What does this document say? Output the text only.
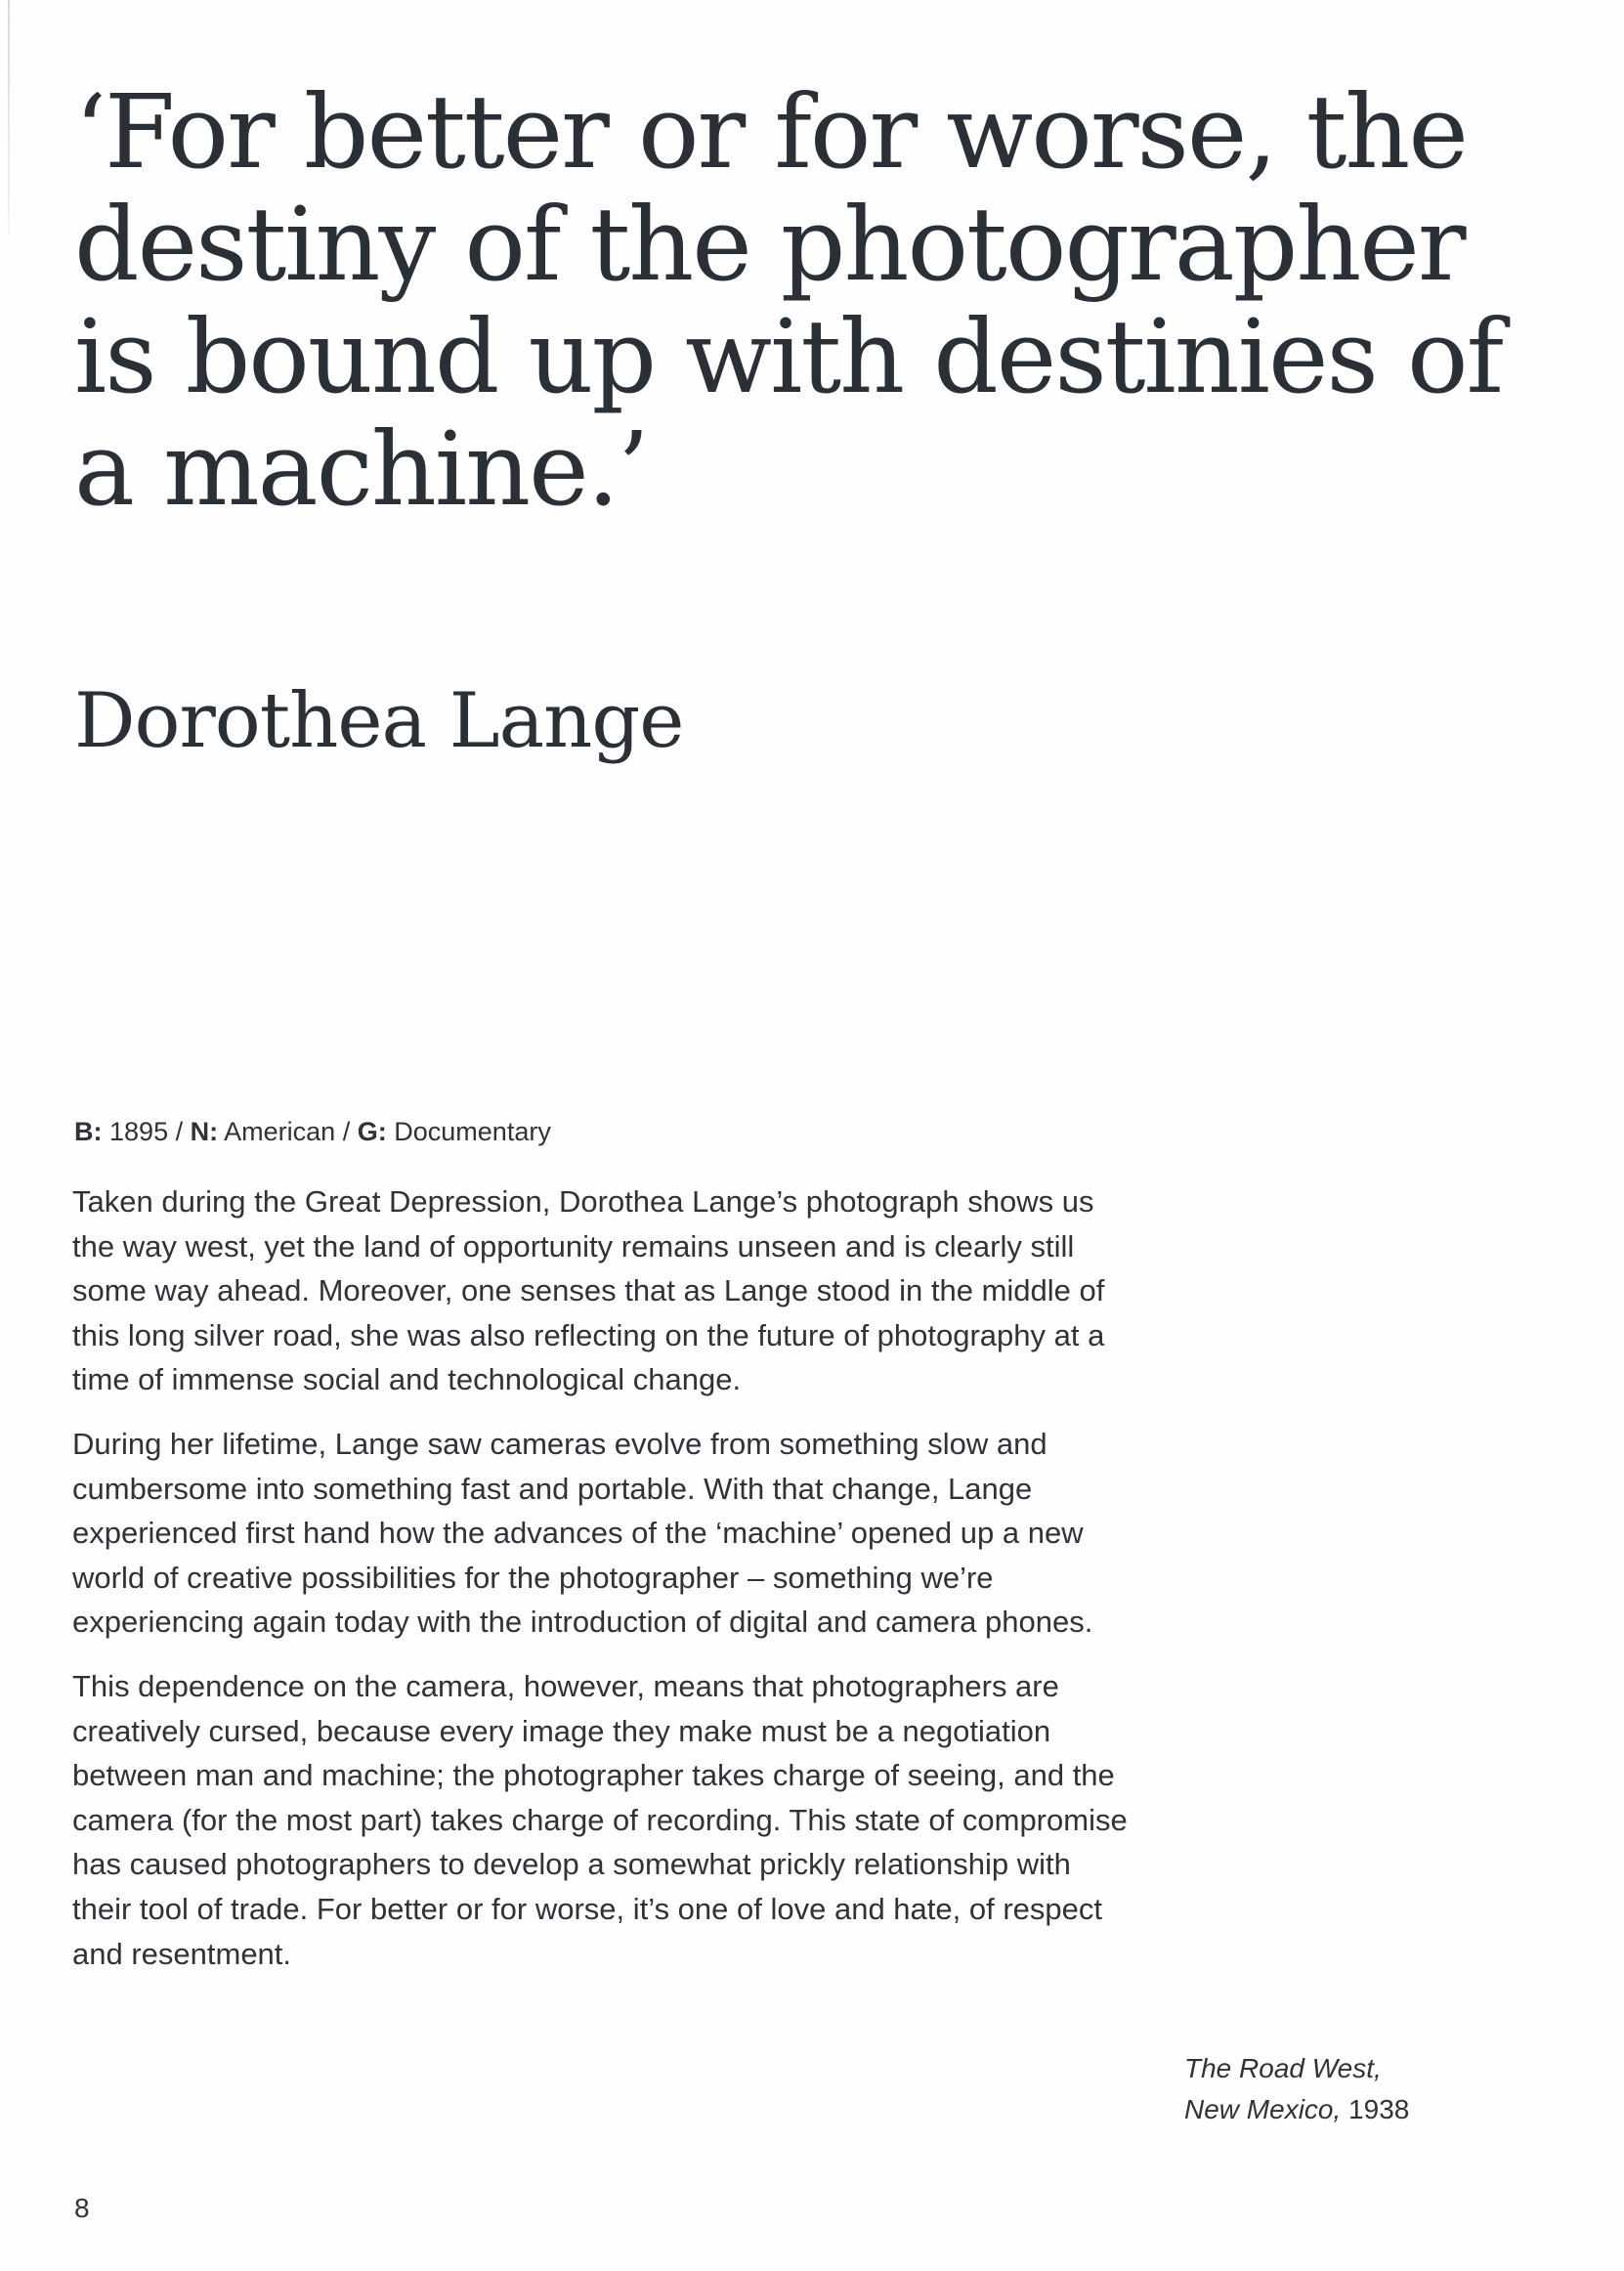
‘For better or for worse, the destiny of the photographer is bound up with destinies of a machine.’
Dorothea Lange
B: 1895 / N: American / G: Documentary

Taken during the Great Depression, Dorothea Lange’s photograph shows us the way west, yet the land of opportunity remains unseen and is clearly still some way ahead. Moreover, one senses that as Lange stood in the middle of this long silver road, she was also reflecting on the future of photography at a time of immense social and technological change.

During her lifetime, Lange saw cameras evolve from something slow and cumbersome into something fast and portable. With that change, Lange experienced first hand how the advances of the ‘machine’ opened up a new world of creative possibilities for the photographer – something we’re experiencing again today with the introduction of digital and camera phones.

This dependence on the camera, however, means that photographers are creatively cursed, because every image they make must be a negotiation between man and machine; the photographer takes charge of seeing, and the camera (for the most part) takes charge of recording. This state of compromise has caused photographers to develop a somewhat prickly relationship with their tool of trade. For better or for worse, it’s one of love and hate, of respect and resentment.

The Road West,
New Mexico, 1938
8
